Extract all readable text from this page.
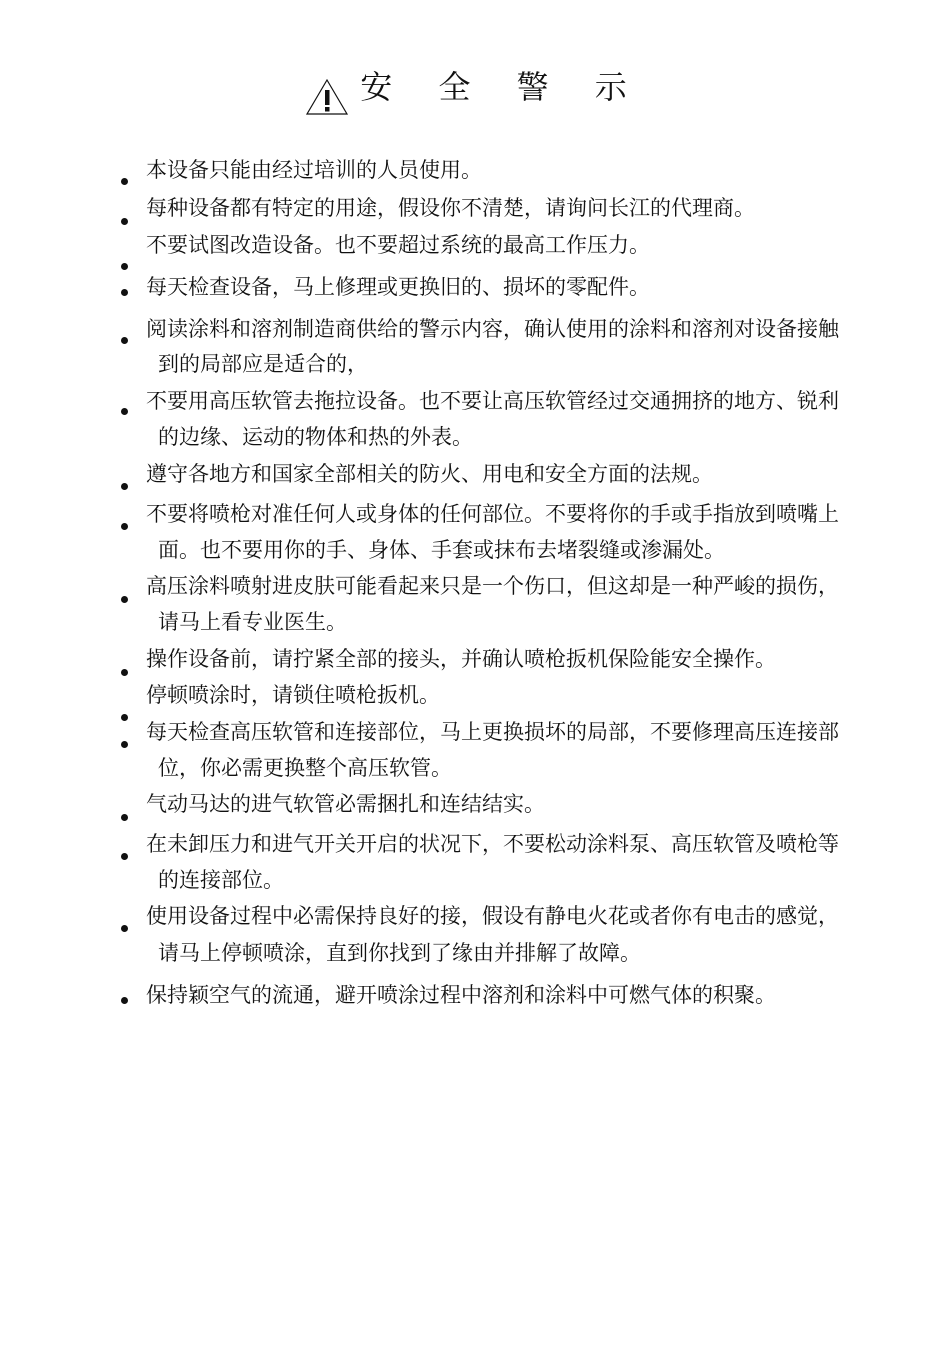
安 全 警 示
本设备只能由经过培训的人员使用。
每种设备都有特定的用途，假设你不清楚，请询问长江的代理商。
不要试图改造设备。也不要超过系统的最高工作压力。
每天检查设备，马上修理或更换旧的、损坏的零配件。
阅读涂料和溶剂制造商供给的警示内容，确认使用的涂料和溶剂对设备接触
到的局部应是适合的，
不要用高压软管去拖拉设备。也不要让高压软管经过交通拥挤的地方、锐利
的边缘、运动的物体和热的外表。
遵守各地方和国家全部相关的防火、用电和安全方面的法规。
不要将喷枪对准任何人或身体的任何部位。不要将你的手或手指放到喷嘴上
面。也不要用你的手、身体、手套或抹布去堵裂缝或渗漏处。
高压涂料喷射进皮肤可能看起来只是一个伤口，但这却是一种严峻的损伤，
请马上看专业医生。
操作设备前，请拧紧全部的接头，并确认喷枪扳机保险能安全操作。
停顿喷涂时，请锁住喷枪扳机。
每天检查高压软管和连接部位，马上更换损坏的局部，不要修理高压连接部
位，你必需更换整个高压软管。
气动马达的进气软管必需捆扎和连结结实。
在未卸压力和进气开关开启的状况下，不要松动涂料泵、高压软管及喷枪等
的连接部位。
使用设备过程中必需保持良好的接，假设有静电火花或者你有电击的感觉，
请马上停顿喷涂，直到你找到了缘由并排解了故障。
保持颖空气的流通，避开喷涂过程中溶剂和涂料中可燃气体的积聚。
